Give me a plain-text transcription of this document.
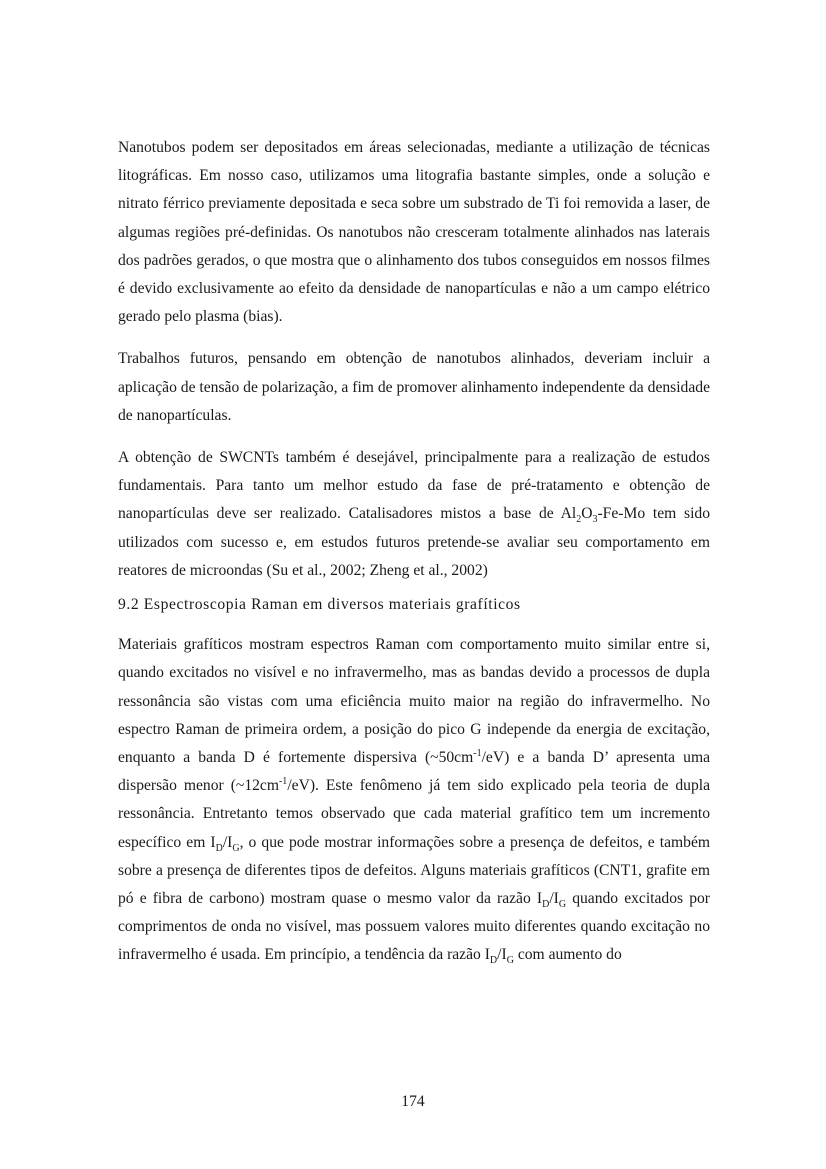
Nanotubos podem ser depositados em áreas selecionadas, mediante a utilização de técnicas litográficas. Em nosso caso, utilizamos uma litografia bastante simples, onde a solução e nitrato férrico previamente depositada e seca sobre um substrado de Ti foi removida a laser, de algumas regiões pré-definidas. Os nanotubos não cresceram totalmente alinhados nas laterais dos padrões gerados, o que mostra que o alinhamento dos tubos conseguidos em nossos filmes é devido exclusivamente ao efeito da densidade de nanopartículas e não a um campo elétrico gerado pelo plasma (bias).

Trabalhos futuros, pensando em obtenção de nanotubos alinhados, deveriam incluir a aplicação de tensão de polarização, a fim de promover alinhamento independente da densidade de nanopartículas.

A obtenção de SWCNTs também é desejável, principalmente para a realização de estudos fundamentais. Para tanto um melhor estudo da fase de pré-tratamento e obtenção de nanopartículas deve ser realizado. Catalisadores mistos a base de $Al_2O_3-Fe-Mo$ tem sido utilizados com sucesso e, em estudos futuros pretende-se avaliar seu comportamento em reatores de microondas (Su et al., 2002; Zheng et al., 2002)

9.2 Espectroscopia Raman em diversos materiais grafíticos

Materiais grafíticos mostram espectros Raman com comportamento muito similar entre si, quando excitados no visível e no infravermelho, mas as bandas devido a processos de dupla ressonância são vistas com uma eficiência muito maior na região do infravermelho. No espectro Raman de primeira ordem, a posição do pico G independe da energia de excitação, enquanto a banda D é fortemente dispersiva $(\sim 50cm^{-1}/eV)$ e a banda D’ apresenta uma dispersão menor $(\sim 12cm^{-1}/eV)$. Este fenômeno já tem sido explicado pela teoria de dupla ressonância. Entretanto temos observado que cada material grafítico tem um incremento específico em $I_D/I_G$, o que pode mostrar informações sobre a presença de defeitos, e também sobre a presença de diferentes tipos de defeitos. Alguns materiais grafíticos (CNT1, grafite em pó e fibra de carbono) mostram quase o mesmo valor da razão $I_D/I_G$ quando excitados por comprimentos de onda no visível, mas possuem valores muito diferentes quando excitação no infravermelho é usada. Em princípio, a tendência da razão $I_D/I_G$ com aumento do

174
